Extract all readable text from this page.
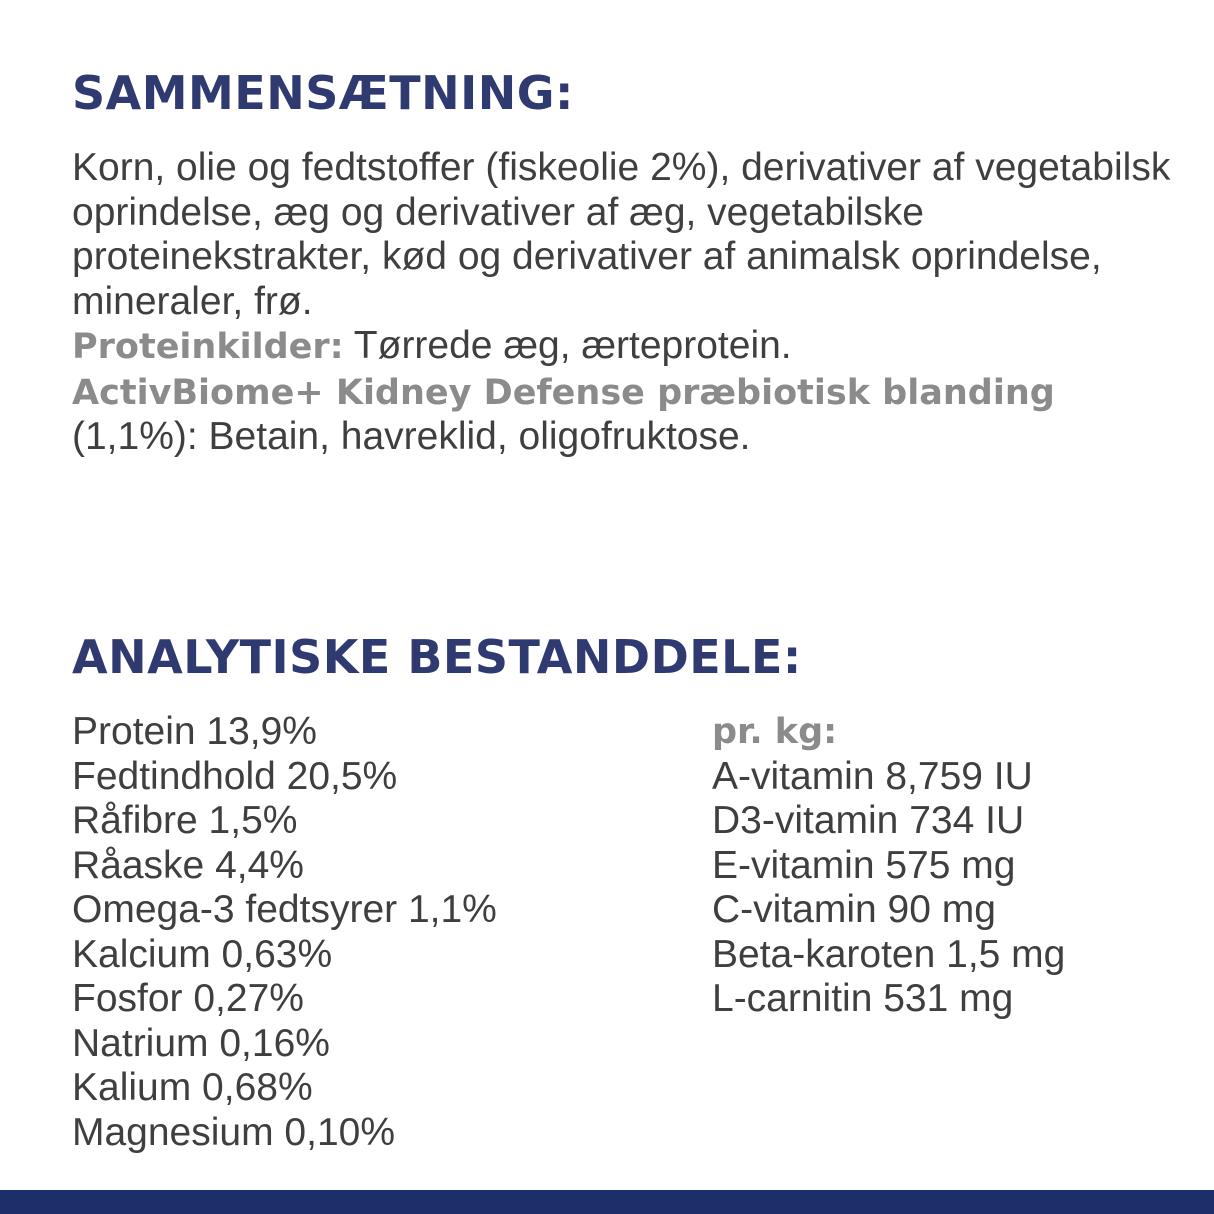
SAMMENSÆTNING:

Korn, olie og fedtstoffer (fiskeolie 2%), derivativer af vegetabilsk oprindelse, æg og derivativer af æg, vegetabilske proteinekstrakter, kød og derivativer af animalsk oprindelse, mineraler, frø.

Proteinkilder: Tørrede æg, ærteprotein.

ActivBiome+ Kidney Defense præbiotisk blanding (1,1%): Betain, havreklid, oligofruktose.

ANALYTISKE BESTANDDELE:
Protein 13,9%
Fedtindhold 20,5%
Råfibre 1,5%
Råaske 4,4%
Omega-3 fedtsyrer 1,1%
Kalcium 0,63%
Fosfor 0,27%
Natrium 0,16%
Kalium 0,68%
Magnesium 0,10%
pr. kg:
A-vitamin 8,759 IU
D3-vitamin 734 IU
E-vitamin 575 mg
C-vitamin 90 mg
Beta-karoten 1,5 mg
L-carnitin 531 mg
